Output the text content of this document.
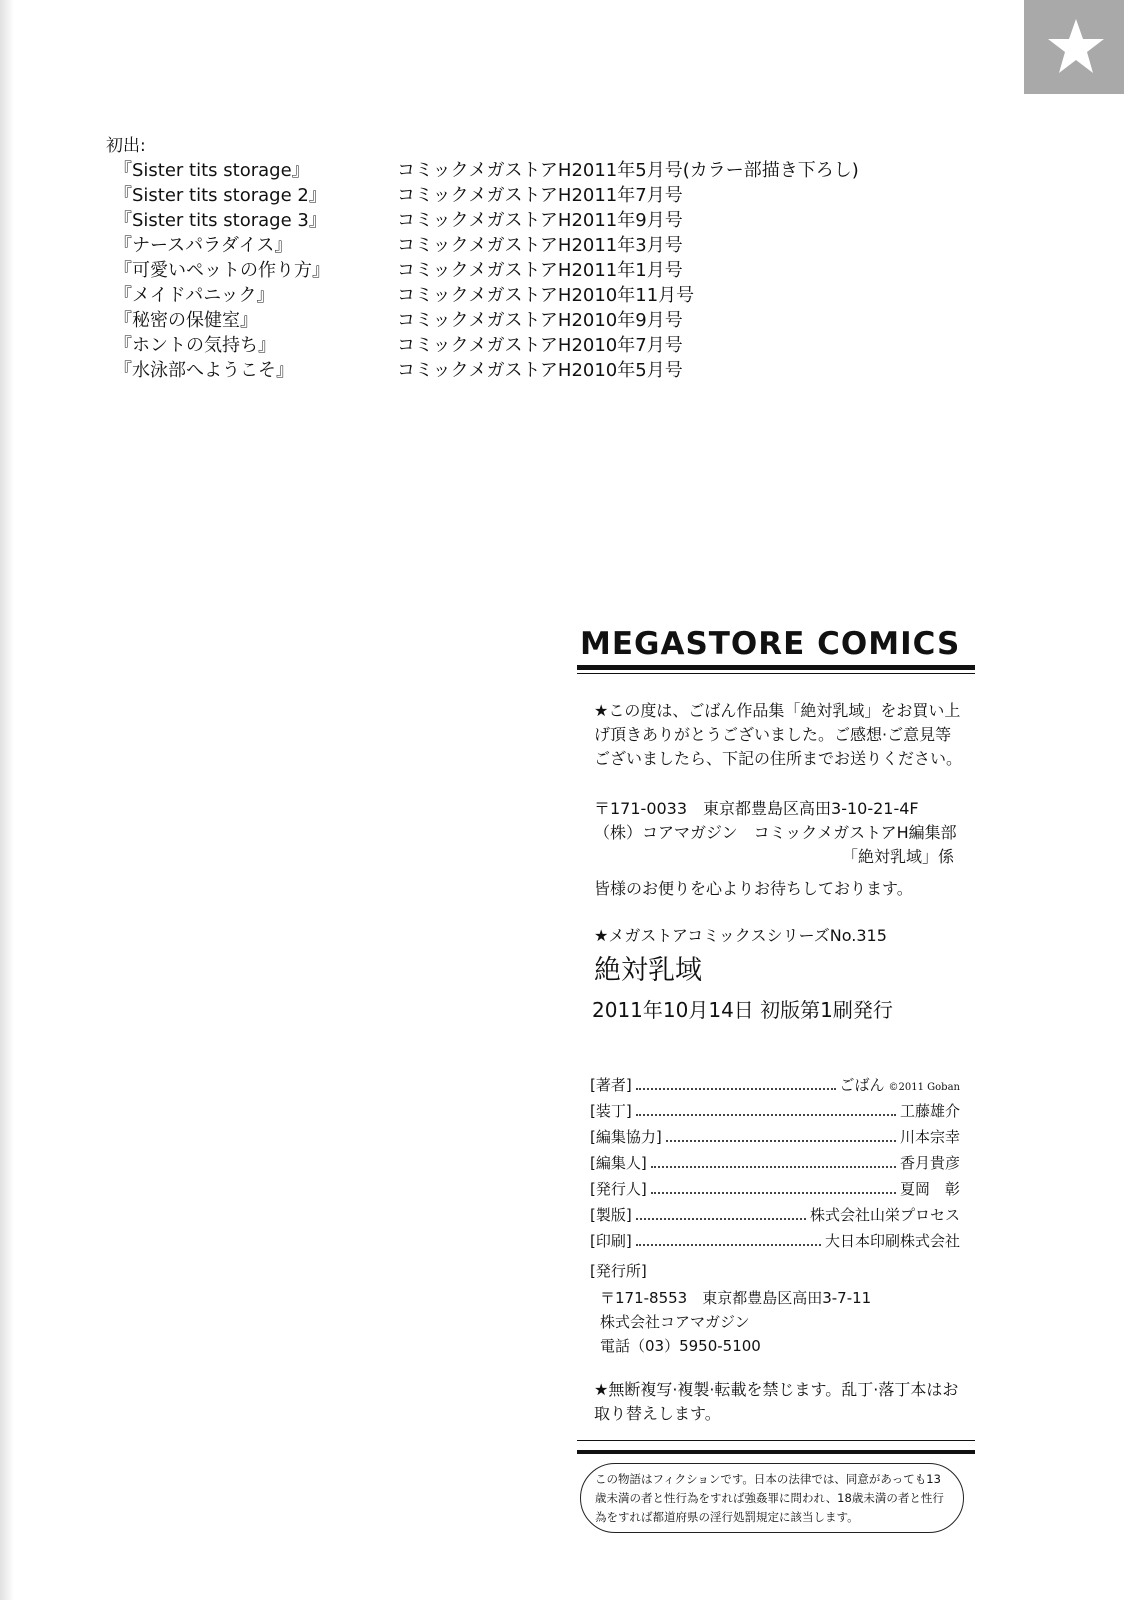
初出:
『Sister tits storage』	コミックメガストアH2011年5月号(カラー部描き下ろし)
『Sister tits storage 2』	コミックメガストアH2011年7月号
『Sister tits storage 3』	コミックメガストアH2011年9月号
『ナースパラダイス』	コミックメガストアH2011年3月号
『可愛いペットの作り方』	コミックメガストアH2011年1月号
『メイドパニック』	コミックメガストアH2010年11月号
『秘密の保健室』	コミックメガストアH2010年9月号
『ホントの気持ち』	コミックメガストアH2010年7月号
『水泳部へようこそ』	コミックメガストアH2010年5月号
MEGASTORE COMICS
★この度は、ごばん作品集「絶対乳域」をお買い上げ頂きありがとうございました。ご感想·ご意見等ございましたら、下記の住所までお送りください。
〒171-0033　東京都豊島区高田3-10-21-4F
（株）コアマガジン　コミックメガストアH編集部
「絶対乳域」係
皆様のお便りを心よりお待ちしております。
★メガストアコミックスシリーズNo.315
絶対乳域
2011年10月14日 初版第1刷発行
[著者]	ごばん ©2011 Goban
[装丁]	工藤雄介
[編集協力]	川本宗幸
[編集人]	香月貴彦
[発行人]	夏岡　彰
[製版]	株式会社山栄プロセス
[印刷]	大日本印刷株式会社
[発行所]
〒171-8553　東京都豊島区高田3-7-11
株式会社コアマガジン
電話（03）5950-5100
★無断複写·複製·転載を禁じます。乱丁·落丁本はお取り替えします。
この物語はフィクションです。日本の法律では、同意があっても13歳未満の者と性行為をすれば強姦罪に問われ、18歳未満の者と性行為をすれば都道府県の淫行処罰規定に該当します。
